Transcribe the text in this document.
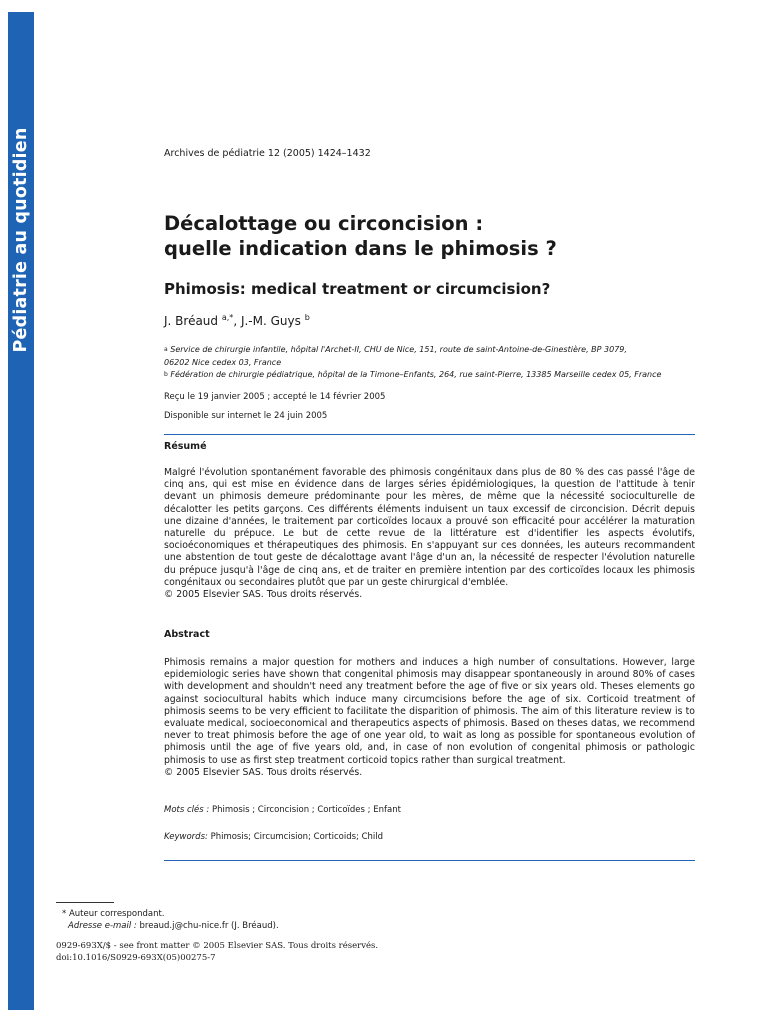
Pédiatrie au quotidien	Archives de pédiatrie 12 (2005) 1424–1432
Décalottage ou circoncision :
quelle indication dans le phimosis ?
Phimosis: medical treatment or circumcision?
J. Bréaud $^{a,*}$, J.-M. Guys $^b$
$^a$ Service de chirurgie infantile, hôpital l'Archet-II, CHU de Nice, 151, route de saint-Antoine-de-Ginestière, BP 3079,
06202 Nice cedex 03, France
$^b$ Fédération de chirurgie pédiatrique, hôpital de la Timone–Enfants, 264, rue saint-Pierre, 13385 Marseille cedex 05, France
Reçu le 19 janvier 2005 ; accepté le 14 février 2005
Disponible sur internet le 24 juin 2005
Résumé
Malgré l'évolution spontanément favorable des phimosis congénitaux dans plus de 80 % des cas passé l'âge de cinq ans, qui est mise en évidence dans de larges séries épidémiologiques, la question de l'attitude à tenir devant un phimosis demeure prédominante pour les mères, de même que la nécessité socioculturelle de décalotter les petits garçons. Ces différents éléments induisent un taux excessif de circoncision. Décrit depuis une dizaine d'années, le traitement par corticoïdes locaux a prouvé son efficacité pour accélérer la maturation naturelle du prépuce. Le but de cette revue de la littérature est d'identifier les aspects évolutifs, socioéconomiques et thérapeutiques des phimosis. En s'appuyant sur ces données, les auteurs recommandent une abstention de tout geste de décalottage avant l'âge d'un an, la nécessité de respecter l'évolution naturelle du prépuce jusqu'à l'âge de cinq ans, et de traiter en première intention par des corticoïdes locaux les phimosis congénitaux ou secondaires plutôt que par un geste chirurgical d'emblée.
© 2005 Elsevier SAS. Tous droits réservés.
Abstract
Phimosis remains a major question for mothers and induces a high number of consultations. However, large epidemiologic series have shown that congenital phimosis may disappear spontaneously in around 80% of cases with development and shouldn't need any treatment before the age of five or six years old. Theses elements go against sociocultural habits which induce many circumcisions before the age of six. Corticoid treatment of phimosis seems to be very efficient to facilitate the disparition of phimosis. The aim of this literature review is to evaluate medical, socioeconomical and therapeutics aspects of phimosis. Based on theses datas, we recommend never to treat phimosis before the age of one year old, to wait as long as possible for spontaneous evolution of phimosis until the age of five years old, and, in case of non evolution of congenital phimosis or pathologic phimosis to use as first step treatment corticoid topics rather than surgical treatment.
© 2005 Elsevier SAS. Tous droits réservés.
Mots clés : Phimosis ; Circoncision ; Corticoïdes ; Enfant
Keywords: Phimosis; Circumcision; Corticoids; Child
* Auteur correspondant.
Adresse e-mail : breaud.j@chu-nice.fr (J. Bréaud).
0929-693X/$ - see front matter © 2005 Elsevier SAS. Tous droits réservés.
doi:10.1016/S0929-693X(05)00275-7
